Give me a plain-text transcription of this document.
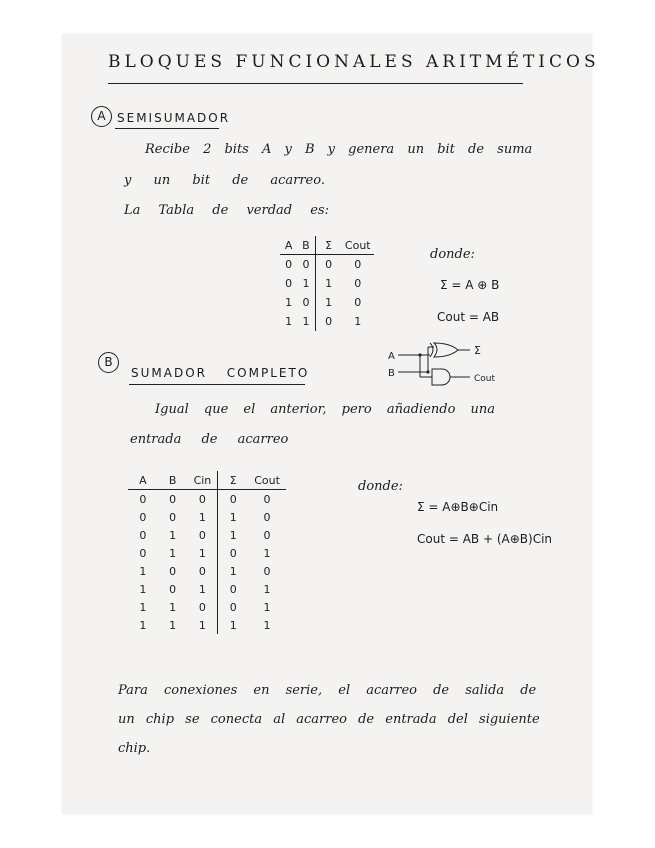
BLOQUES FUNCIONALES ARITMÉTICOS
A SEMISUMADOR
Recibe 2 bits A y B y genera un bit de suma
y un bit de acarreo.
La Tabla de verdad es:
A	B	Σ	Cout
0	0	0	0
0	1	1	0
1	0	1	0
1	1	0	1
donde:
Σ = A ⊕ B
Cout = AB
A
B
Σ
Cout
B
SUMADOR COMPLETO
Igual que el anterior, pero añadiendo una
entrada de acarreo
A	B	Cin	Σ	Cout
0	0	0	0	0
0	0	1	1	0
0	1	0	1	0
0	1	1	0	1
1	0	0	1	0
1	0	1	0	1
1	1	0	0	1
1	1	1	1	1
donde:
Σ = A⊕B⊕Cin
Cout = AB + (A⊕B)Cin
Para conexiones en serie, el acarreo de salida de
un chip se conecta al acarreo de entrada del siguiente
chip.
